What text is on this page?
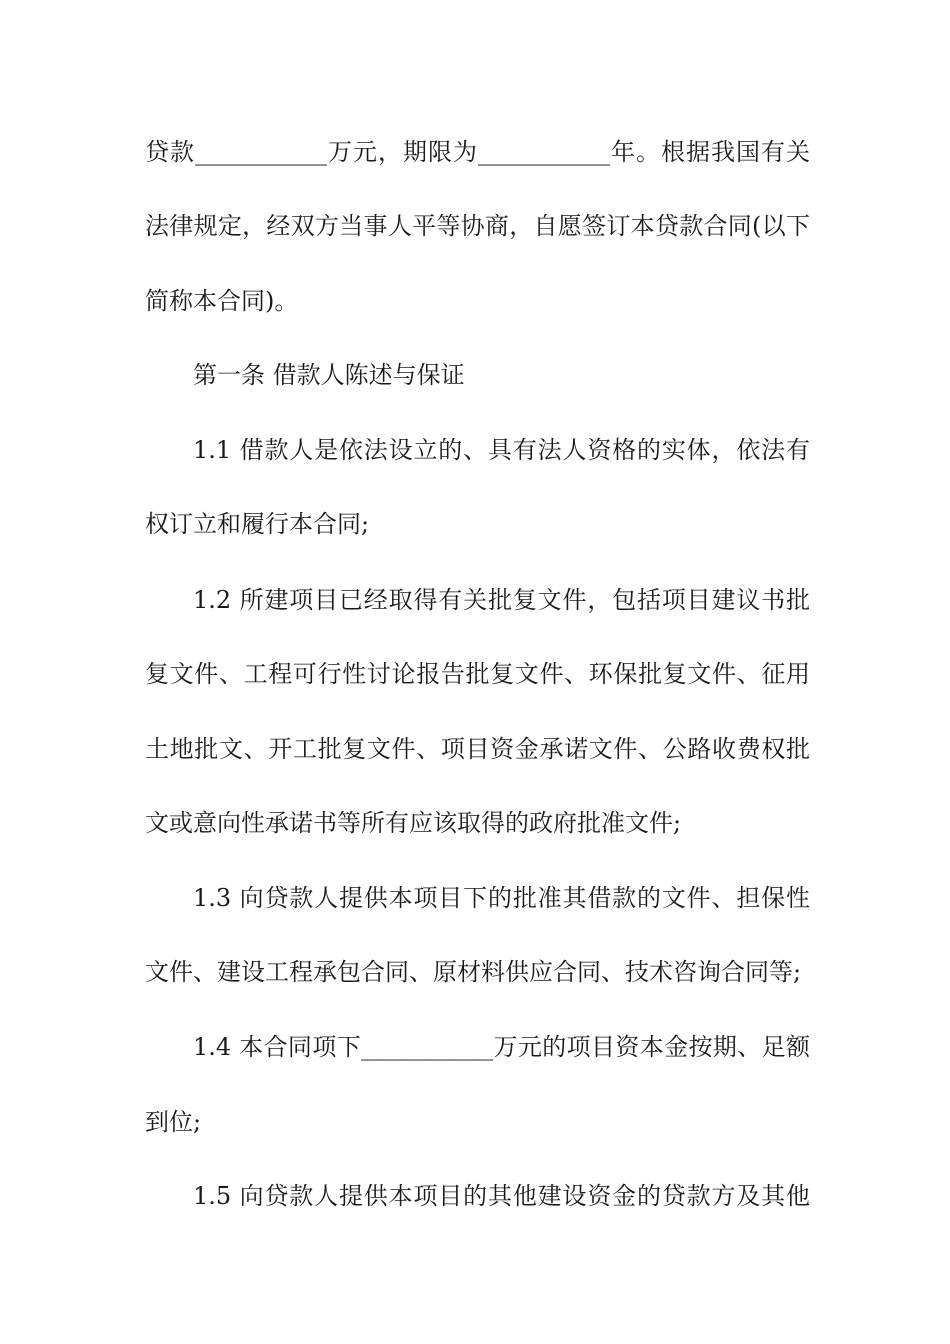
贷款___________万元，期限为___________年。根据我国有关
法律规定，经双方当事人平等协商，自愿签订本贷款合同(以下
简称本合同)。
第一条 借款人陈述与保证
1.1 借款人是依法设立的、具有法人资格的实体，依法有
权订立和履行本合同;
1.2 所建项目已经取得有关批复文件，包括项目建议书批
复文件、工程可行性讨论报告批复文件、环保批复文件、征用
土地批文、开工批复文件、项目资金承诺文件、公路收费权批
文或意向性承诺书等所有应该取得的政府批准文件;
1.3 向贷款人提供本项目下的批准其借款的文件、担保性
文件、建设工程承包合同、原材料供应合同、技术咨询合同等;
1.4 本合同项下___________万元的项目资本金按期、足额
到位;
1.5 向贷款人提供本项目的其他建设资金的贷款方及其他
